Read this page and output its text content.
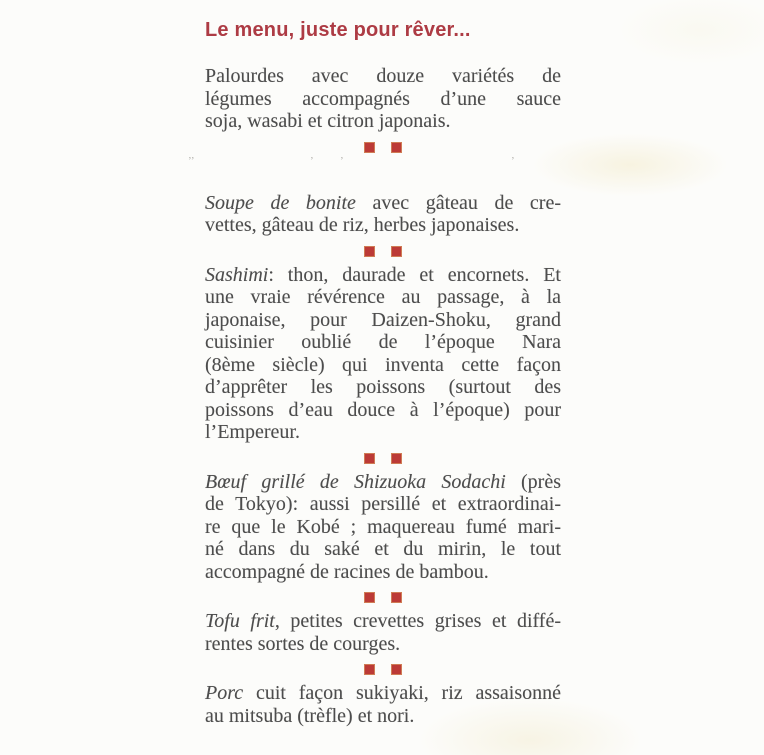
Le menu, juste pour rêver...
Palourdes avec douze variétés de
légumes accompagnés d’une sauce
soja, wasabi et citron japonais.
’’	’ ’	’
Soupe de bonite avec gâteau de cre-
vettes, gâteau de riz, herbes japonaises.
Sashimi: thon, daurade et encornets. Et
une vraie révérence au passage, à la
japonaise, pour Daizen-Shoku, grand
cuisinier oublié de l’époque Nara
(8ème siècle) qui inventa cette façon
d’apprêter les poissons (surtout des
poissons d’eau douce à l’époque) pour
l’Empereur.
Bœuf grillé de Shizuoka Sodachi (près
de Tokyo): aussi persillé et extraordinai-
re que le Kobé ; maquereau fumé mari-
né dans du saké et du mirin, le tout
accompagné de racines de bambou.
Tofu frit, petites crevettes grises et diffé-
rentes sortes de courges.
Porc cuit façon sukiyaki, riz assaisonné
au mitsuba (trèfle) et nori.
